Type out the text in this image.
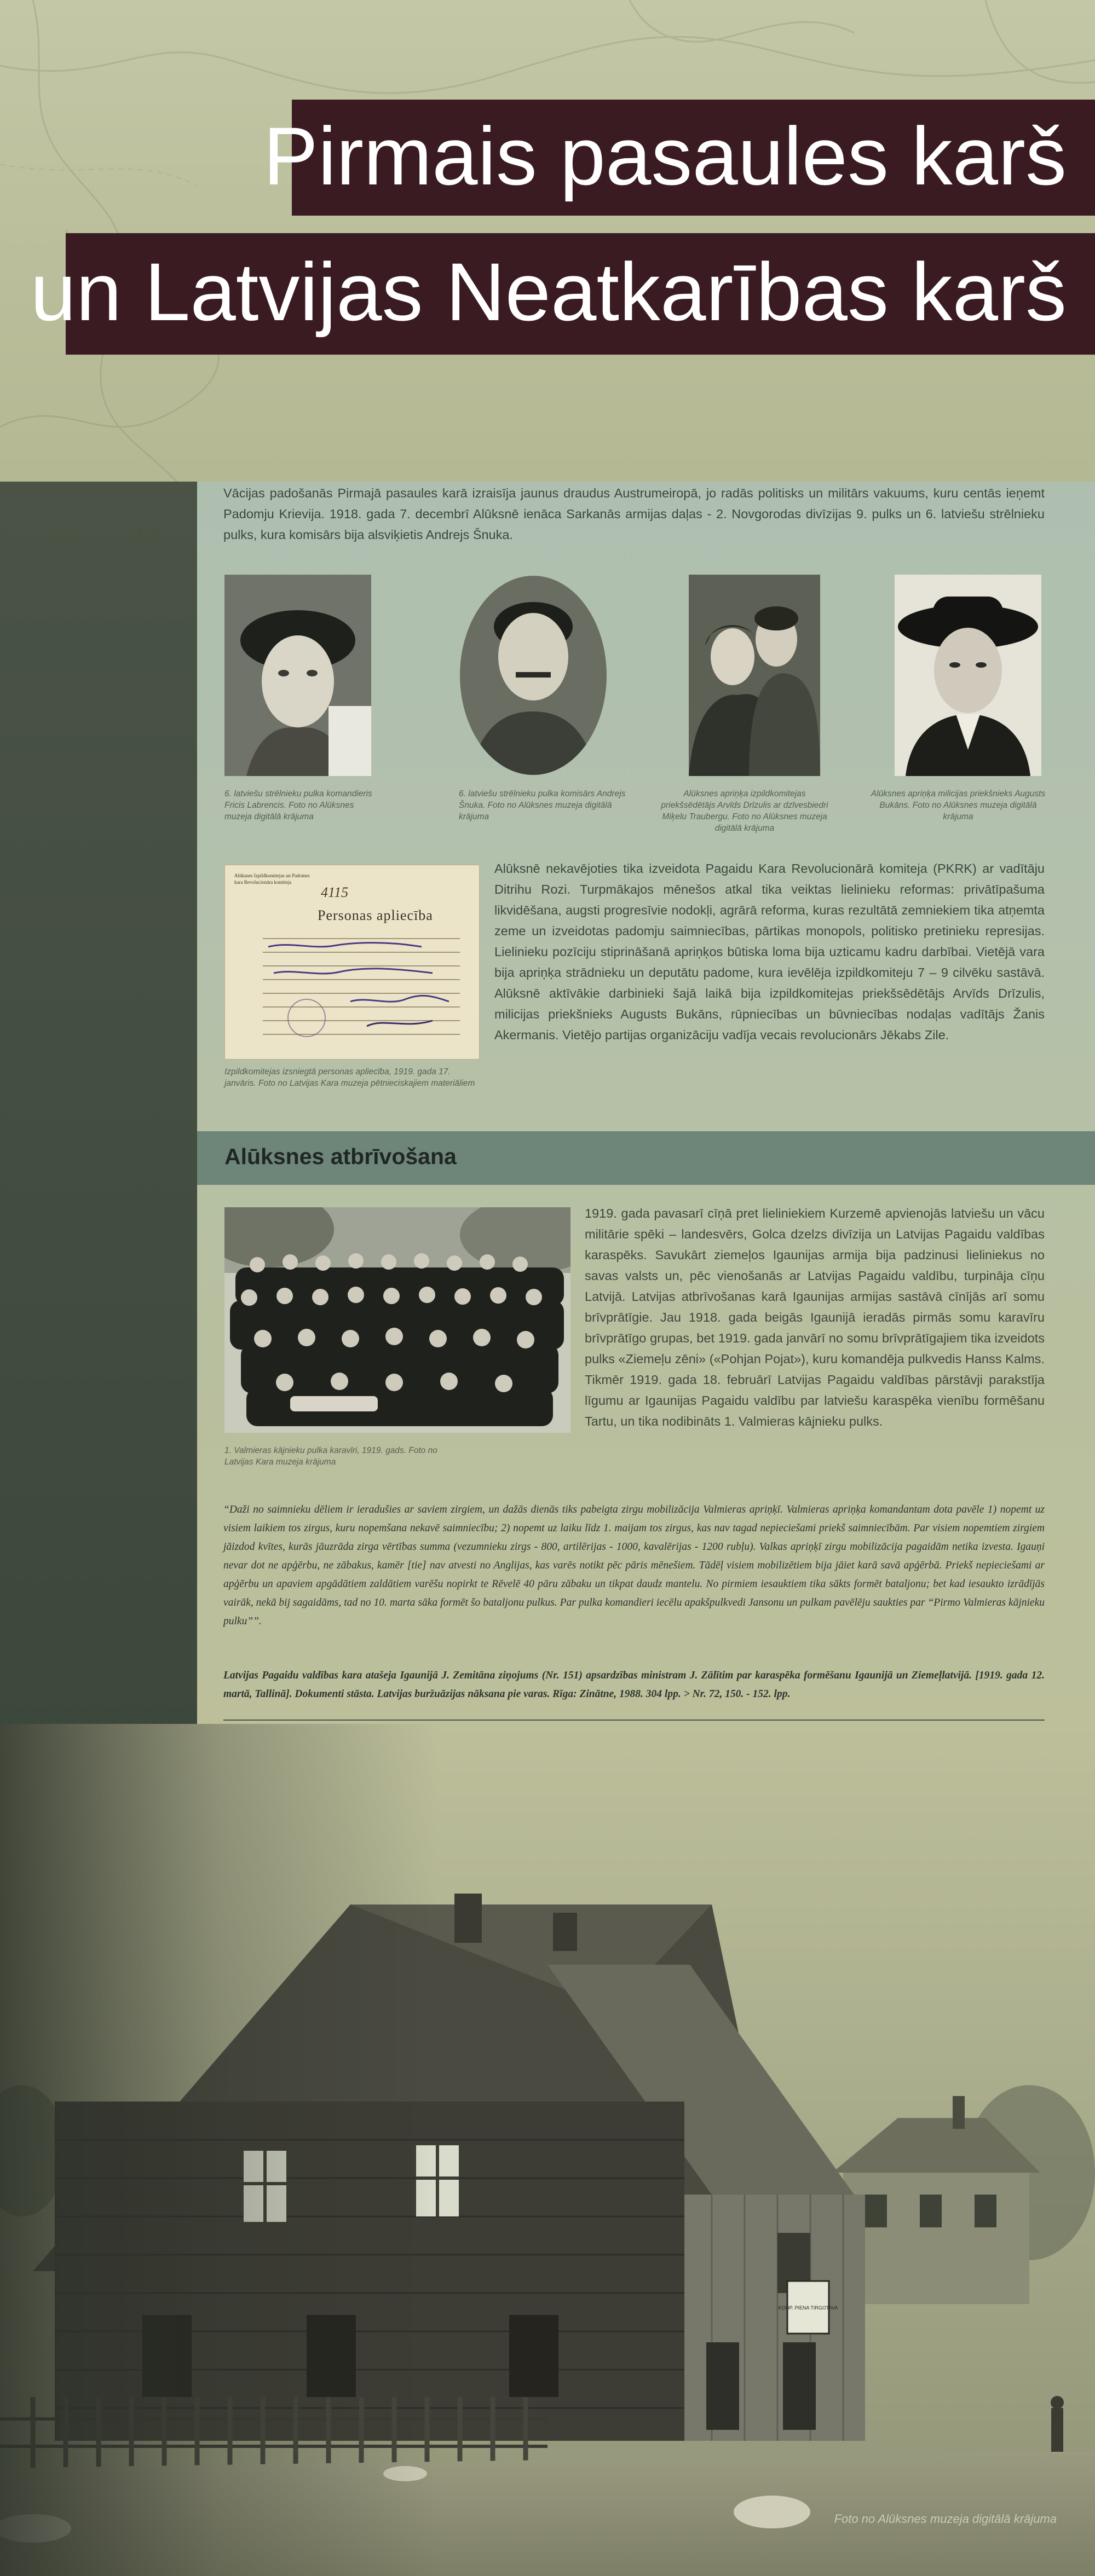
Pirmais pasaules karš
un Latvijas Neatkarības karš
Vācijas padošanās Pirmajā pasaules karā izraisīja jaunus draudus Austrumeiropā, jo radās politisks un militārs vakuums, kuru centās ieņemt Padomju Krievija. 1918. gada 7. decembrī Alūksnē ienāca Sarkanās armijas daļas - 2. Novgorodas divīzijas 9. pulks un 6. latviešu strēlnieku pulks, kura komisārs bija alsviķietis Andrejs Šnuka.
6. latviešu strēlnieku pulka komandieris Fricis Labrencis. Foto no Alūksnes muzeja digitālā krājuma
6. latviešu strēlnieku pulka komisārs Andrejs Šnuka. Foto no Alūksnes muzeja digitālā krājuma
Alūksnes apriņķa izpildkomitejas priekšsēdētājs Arvīds Drīzulis ar dzīvesbiedri Miķelu Traubergu. Foto no Alūksnes muzeja digitālā krājuma
Alūksnes apriņķa milicijas priekšnieks Augusts Bukāns. Foto no Alūksnes muzeja digitālā krājuma
Alūksnes Izpildkomitejas un Padomes kara Revolucionāra komiteja
4115
Personas apliecība
Izpildkomitejas izsniegtā personas apliecība, 1919. gada 17. janvāris. Foto no Latvijas Kara muzeja pētnieciskajiem materiāliem
Alūksnē nekavējoties tika izveidota Pagaidu Kara Revolucionārā komiteja (PKRK) ar vadītāju Ditrihu Rozi. Turpmākajos mēnešos atkal tika veiktas lielinieku reformas: privātīpašuma likvidēšana, augsti progresīvie nodokļi, agrārā reforma, kuras rezultātā zemniekiem tika atņemta zeme un izveidotas padomju saimniecības, pārtikas monopols, politisko pretinieku represijas. Lielinieku pozīciju stiprināšanā apriņķos būtiska loma bija uzticamu kadru darbībai. Vietējā vara bija apriņķa strādnieku un deputātu padome, kura ievēlēja izpildkomiteju 7 – 9 cilvēku sastāvā. Alūksnē aktīvākie darbinieki šajā laikā bija izpildkomitejas priekšsēdētājs Arvīds Drīzulis, milicijas priekšnieks Augusts Bukāns, rūpniecības un būvniecības nodaļas vadītājs Žanis Akermanis. Vietējo partijas organizāciju vadīja vecais revolucionārs Jēkabs Zile.
Alūksnes atbrīvošana
1. Valmieras kājnieku pulka karavīri, 1919. gads. Foto no Latvijas Kara muzeja krājuma
1919. gada pavasarī cīņā pret lieliniekiem Kurzemē apvienojās latviešu un vācu militārie spēki – landesvērs, Golca dzelzs divīzija un Latvijas Pagaidu valdības karaspēks. Savukārt ziemeļos Igaunijas armija bija padzinusi lieliniekus no savas valsts un, pēc vienošanās ar Latvijas Pagaidu valdību, turpināja cīņu Latvijā. Latvijas atbrīvošanas karā Igaunijas armijas sastāvā cīnījās arī somu brīvprātīgie. Jau 1918. gada beigās Igaunijā ieradās pirmās somu karavīru brīvprātīgo grupas, bet 1919. gada janvārī no somu brīvprātīgajiem tika izveidots pulks «Ziemeļu zēni» («Pohjan Pojat»), kuru komandēja pulkvedis Hanss Kalms. Tikmēr 1919. gada 18. februārī Latvijas Pagaidu valdības pārstāvji parakstīja līgumu ar Igaunijas Pagaidu valdību par latviešu karaspēka vienību formēšanu Tartu, un tika nodibināts 1. Valmieras kājnieku pulks.
“Daži no saimnieku dēliem ir ieradušies ar saviem zirgiem, un dažās dienās tiks pabeigta zirgu mobilizācija Valmieras apriņķī. Valmieras apriņķa komandantam dota pavēle 1) nopemt uz visiem laikiem tos zirgus, kuru nopemšana nekavē saimniecību; 2) nopemt uz laiku līdz 1. maijam tos zirgus, kas nav tagad nepieciešami priekš saimniecībām. Par visiem nopemtiem zirgiem jāizdod kvītes, kurās jāuzrāda zirga vērtības summa (vezumnieku zirgs - 800, artilērijas - 1000, kavalērijas - 1200 rubļu). Valkas apriņķī zirgu mobilizācija pagaidām netika izvesta. Igauņi nevar dot ne apģērbu, ne zābakus, kamēr [tie] nav atvesti no Anglijas, kas varēs notikt pēc pāris mēnešiem. Tādēļ visiem mobilizētiem bija jāiet karā savā apģērbā. Priekš nepieciešami ar apģērbu un apaviem apgādātiem zaldātiem varēšu nopirkt te Rēvelē 40 pāru zābaku un tikpat daudz mantelu. No pirmiem iesauktiem tika sākts formēt bataljonu; bet kad iesaukto izrādījās vairāk, nekā bij sagaidāms, tad no 10. marta sāka formēt šo bataljonu pulkus. Par pulka komandieri iecēlu apakšpulkvedi Jansonu un pulkam pavēlēju saukties par “Pirmo Valmieras kājnieku pulku””.
Latvijas Pagaidu valdības kara atašeja Igaunijā J. Zemitāna ziņojums (Nr. 151) apsardzības ministram J. Zālītim par karaspēka formēšanu Igaunijā un Ziemeļlatvijā. [1919. gada 12. martā, Tallinā]. Dokumenti stāsta. Latvijas buržuāzijas nāksana pie varas. Rīga: Zinātne, 1988. 304 lpp. > Nr. 72, 150. - 152. lpp.
Foto no Alūksnes muzeja digitālā krājuma
